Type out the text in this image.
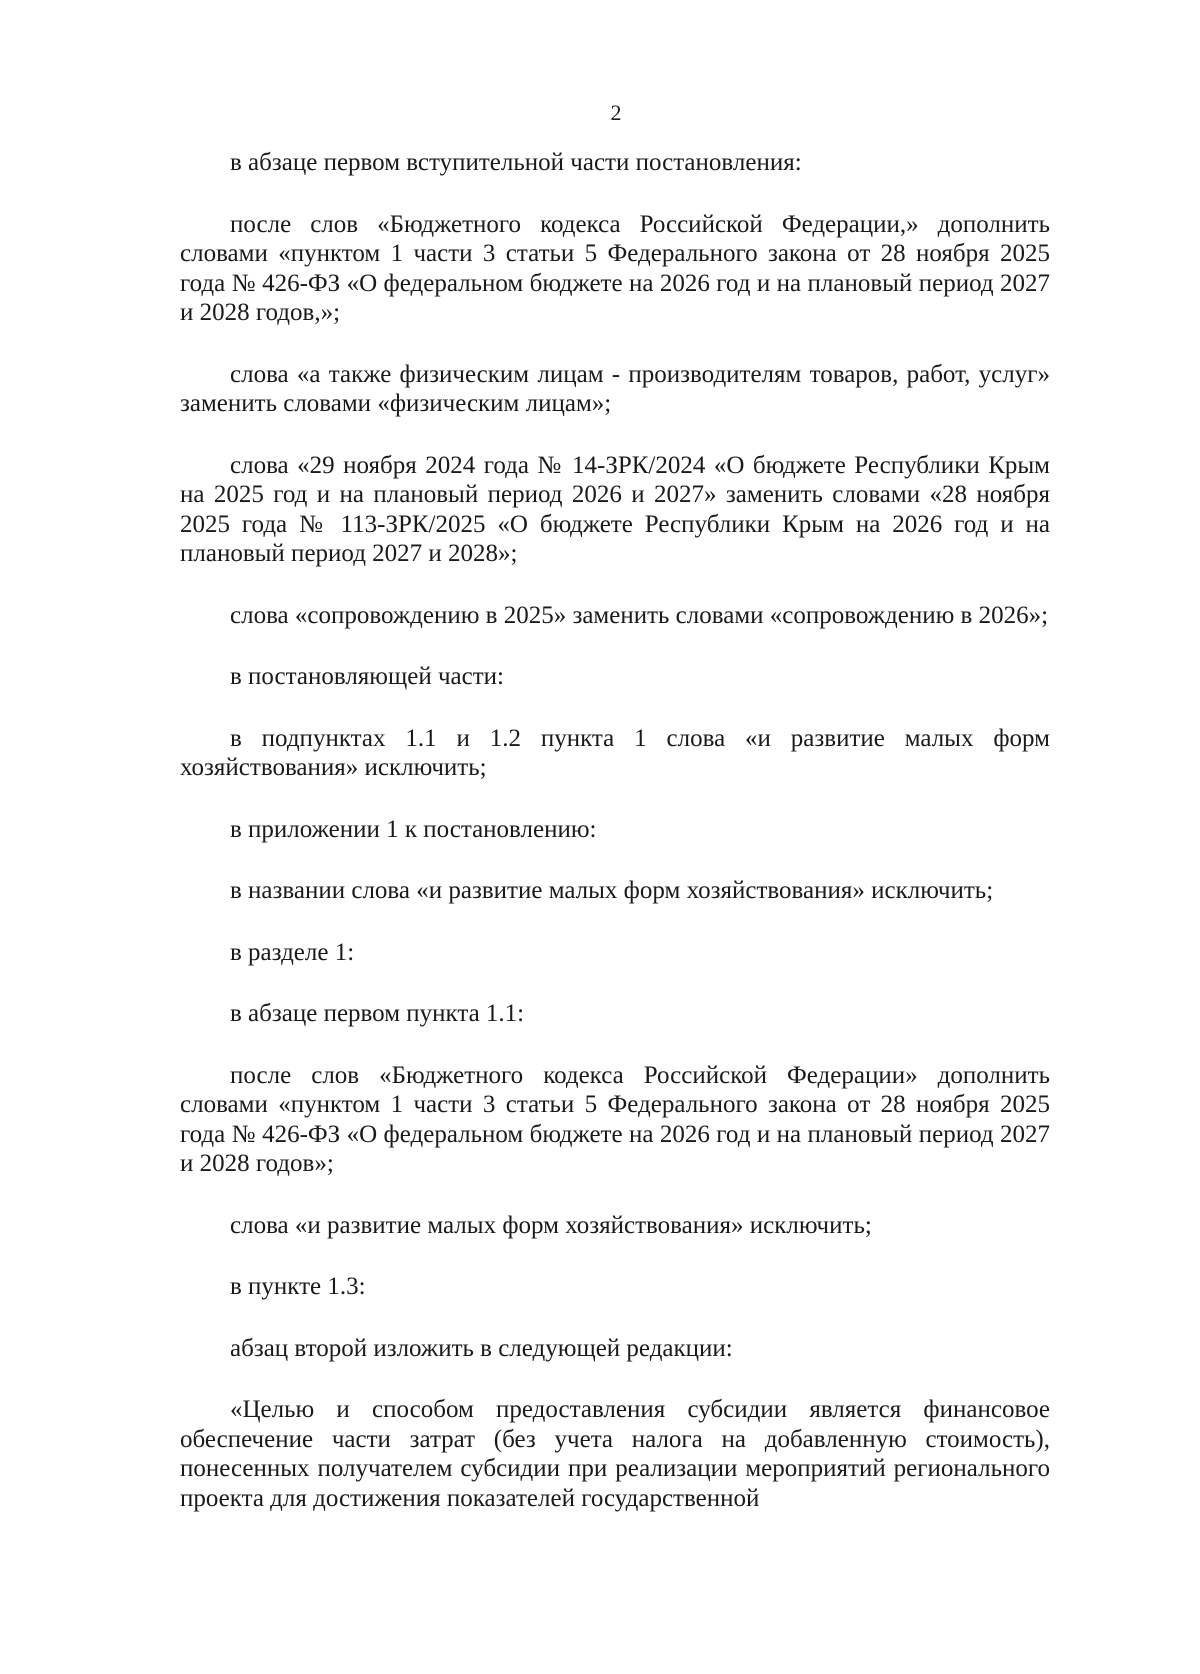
2

в абзаце первом вступительной части постановления:

после слов «Бюджетного кодекса Российской Федерации,» дополнить словами «пунктом 1 части 3 статьи 5 Федерального закона от 28 ноября 2025 года № 426-ФЗ «О федеральном бюджете на 2026 год и на плановый период 2027 и 2028 годов,»;

слова «а также физическим лицам - производителям товаров, работ, услуг» заменить словами «физическим лицам»;

слова «29 ноября 2024 года № 14-ЗРК/2024 «О бюджете Республики Крым на 2025 год и на плановый период 2026 и 2027» заменить словами «28 ноября 2025 года № 113-ЗРК/2025 «О бюджете Республики Крым на 2026 год и на плановый период 2027 и 2028»;

слова «сопровождению в 2025» заменить словами «сопровождению в 2026»;

в постановляющей части:

в подпунктах 1.1 и 1.2 пункта 1 слова «и развитие малых форм хозяйствования» исключить;

в приложении 1 к постановлению:

в названии слова «и развитие малых форм хозяйствования» исключить;

в разделе 1:

в абзаце первом пункта 1.1:

после слов «Бюджетного кодекса Российской Федерации» дополнить словами «пунктом 1 части 3 статьи 5 Федерального закона от 28 ноября 2025 года № 426-ФЗ «О федеральном бюджете на 2026 год и на плановый период 2027 и 2028 годов»;

слова «и развитие малых форм хозяйствования» исключить;

в пункте 1.3:

абзац второй изложить в следующей редакции:

«Целью и способом предоставления субсидии является финансовое обеспечение части затрат (без учета налога на добавленную стоимость), понесенных получателем субсидии при реализации мероприятий регионального проекта для достижения показателей государственной
